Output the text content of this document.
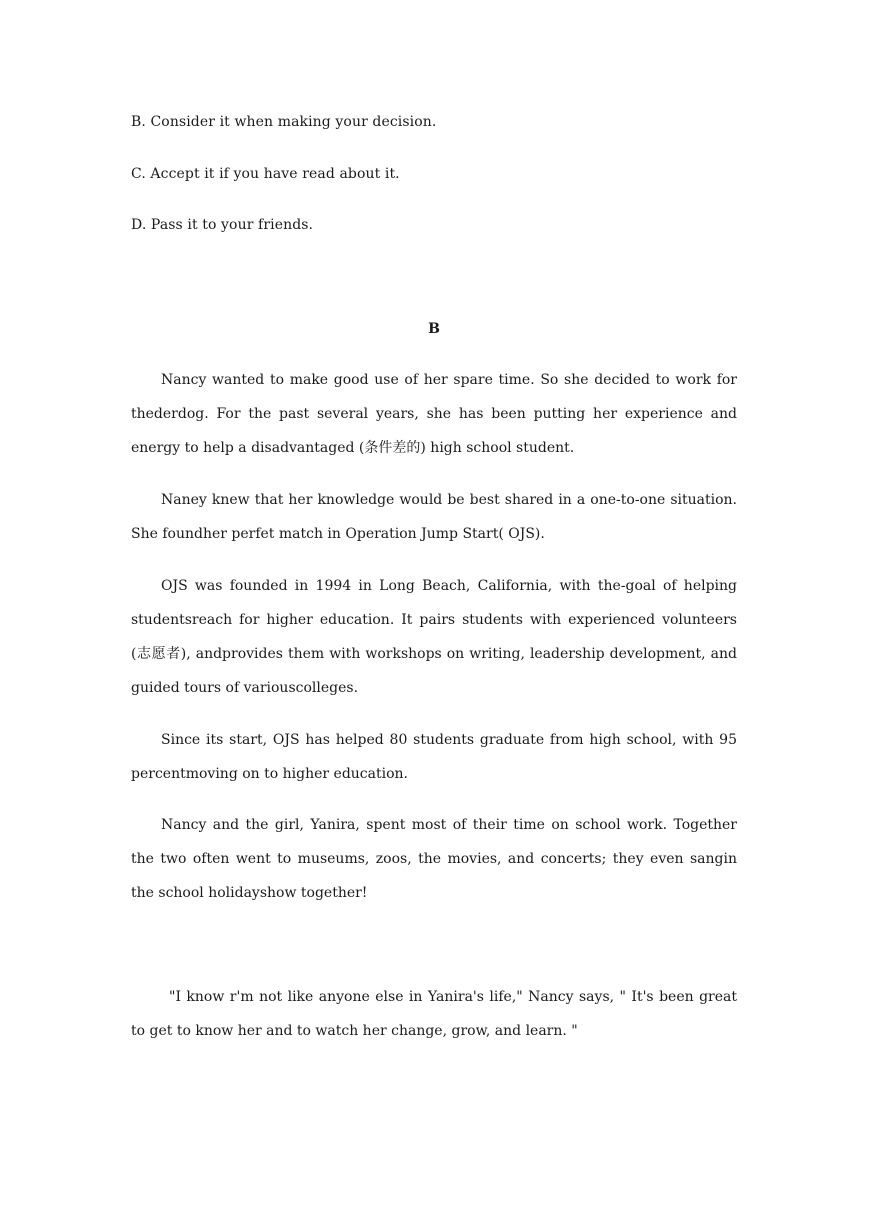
B. Consider it when making your decision.
C. Accept it if you have read about it.
D. Pass it to your friends.
B

Nancy wanted to make good use of her spare time. So she decided to work for thederdog. For the past several years, she has been putting her experience and energy to help a disadvantaged (条件差的) high school student.

Naney knew that her knowledge would be best shared in a one-to-one situation. She foundher perfet match in Operation Jump Start( OJS).

OJS was founded in 1994 in Long Beach, California, with the-goal of helping studentsreach for higher education. It pairs students with experienced volunteers (志愿者), andprovides them with workshops on writing, leadership development, and guided tours of variouscolleges.

Since its start, OJS has helped 80 students graduate from high school, with 95 percentmoving on to higher education.

Nancy and the girl, Yanira, spent most of their time on school work. Together the two often went to museums, zoos, the movies, and concerts; they even sangin the school holidayshow together!

"I know r'm not like anyone else in Yanira's life," Nancy says, " It's been great to get to know her and to watch her change, grow, and learn. "
